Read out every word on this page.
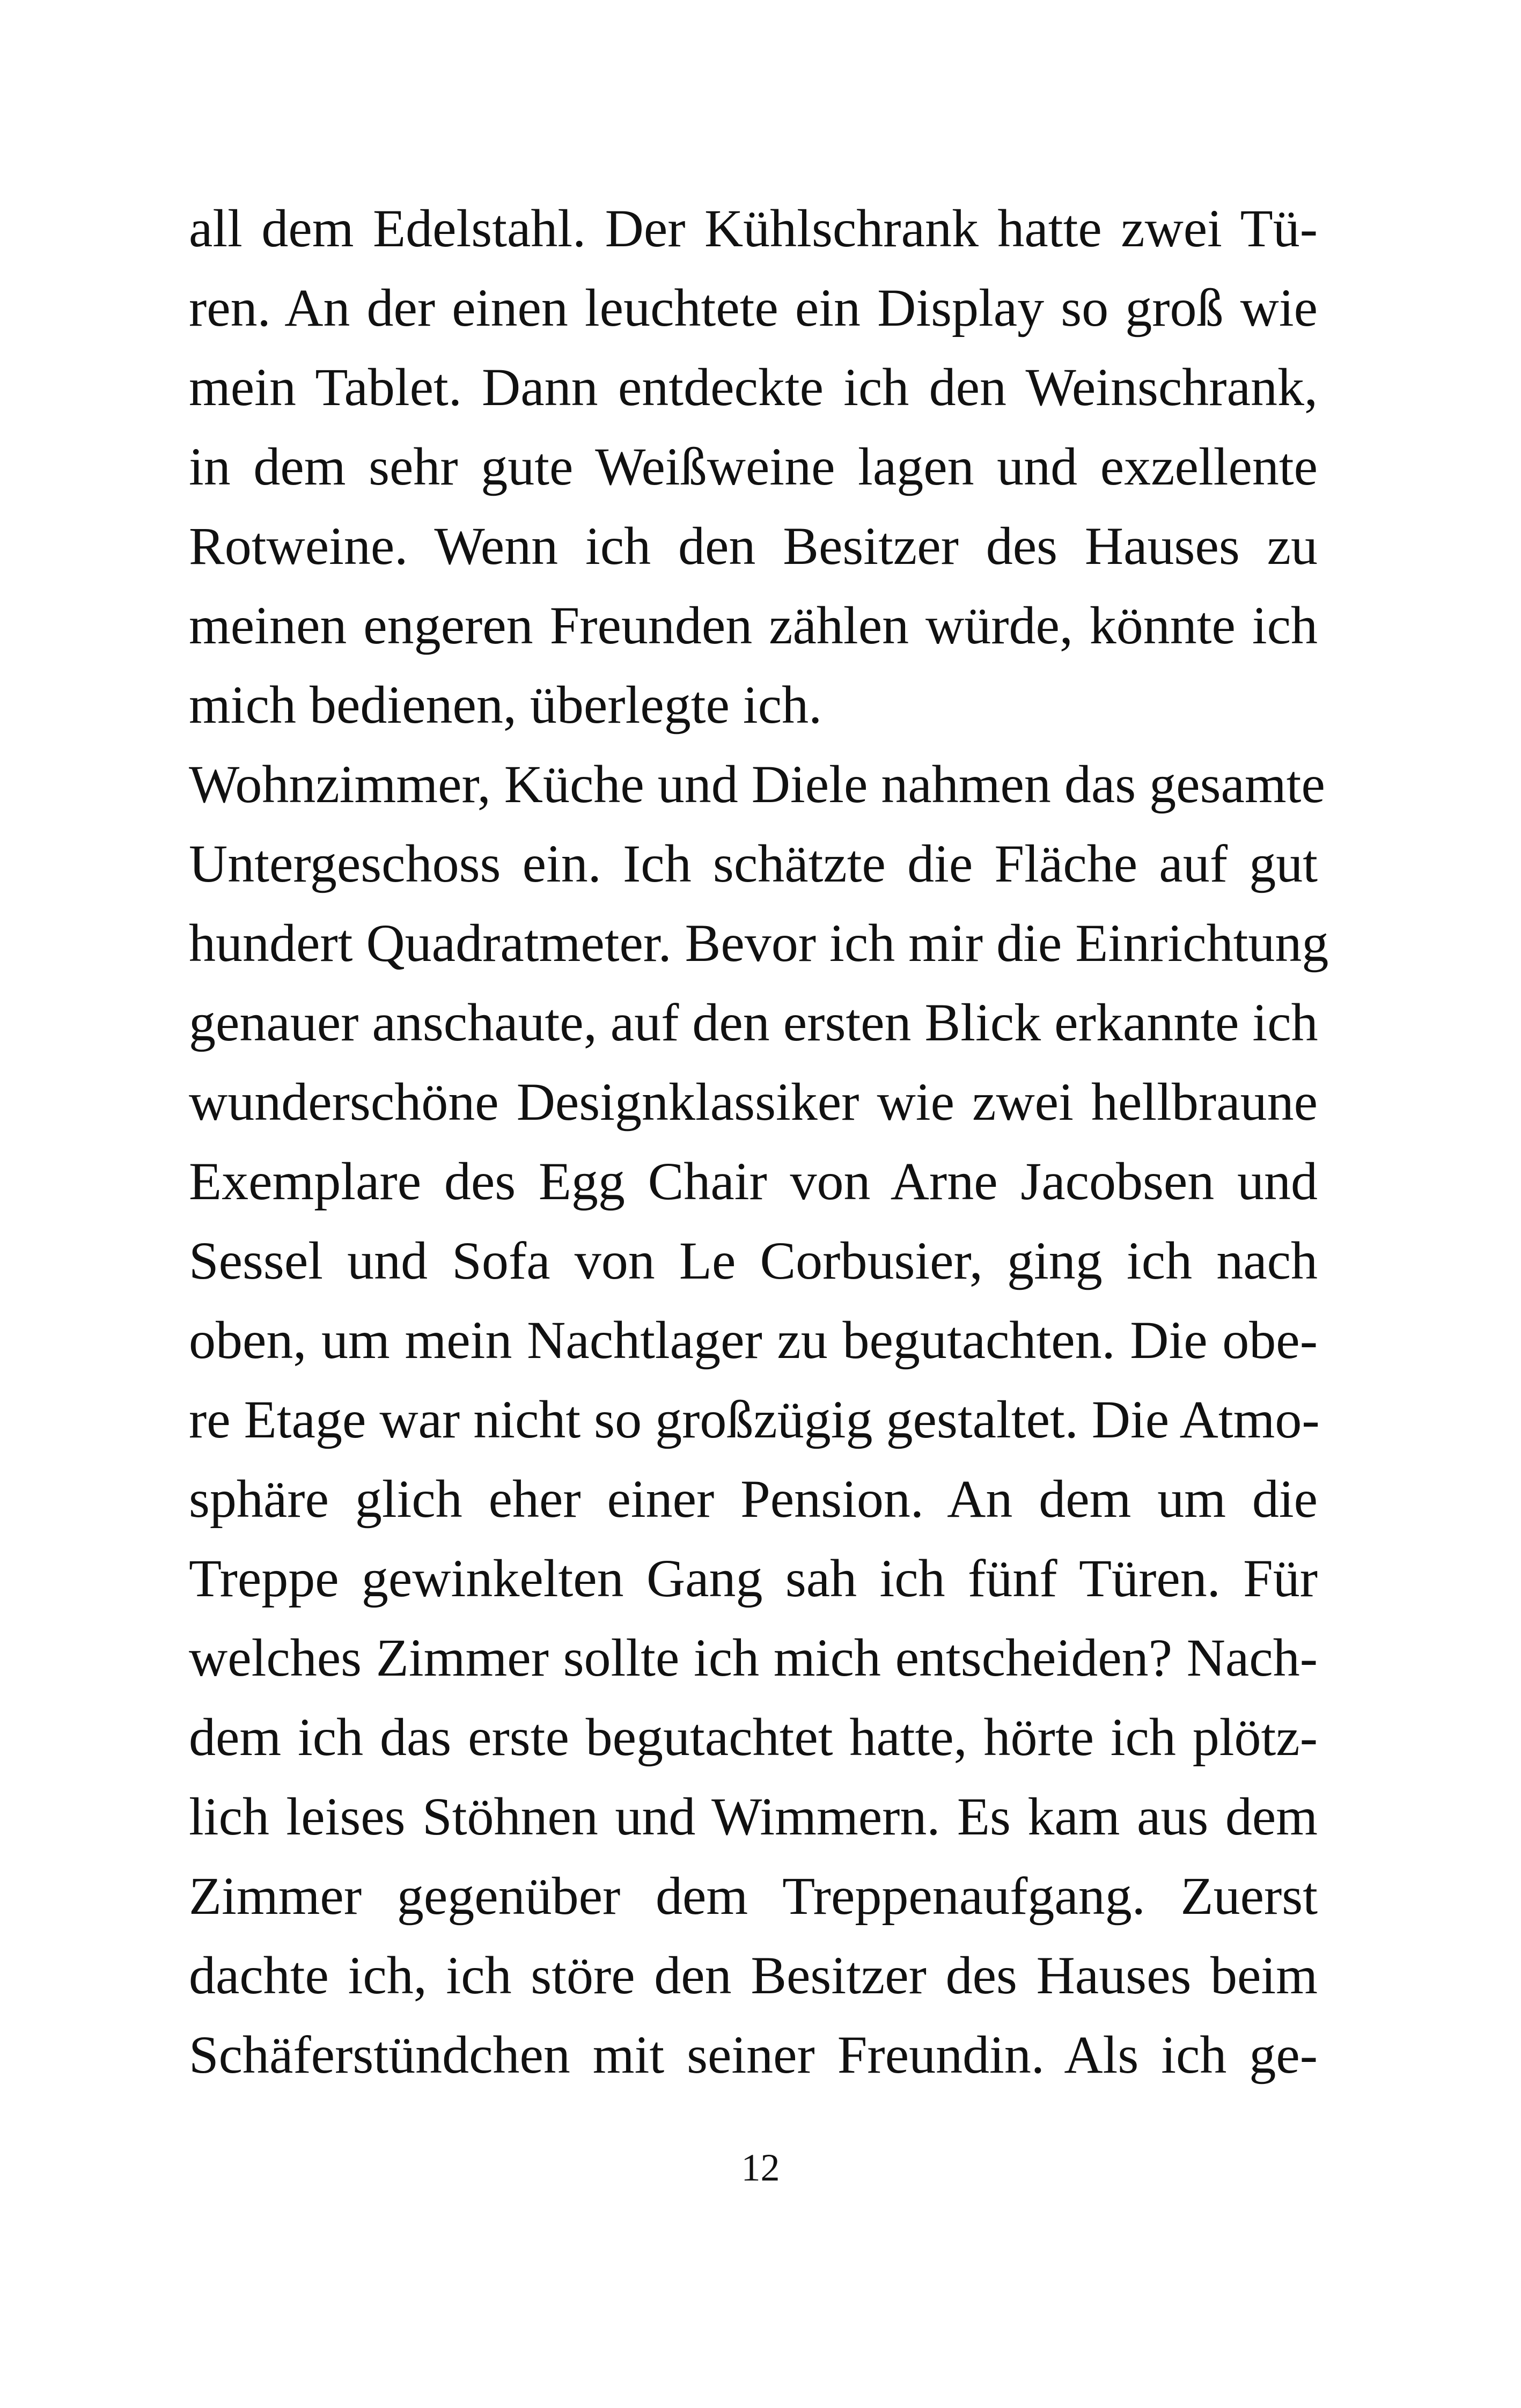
all dem Edelstahl. Der Kühlschrank hatte zwei Tü-
ren. An der einen leuchtete ein Display so groß wie
mein Tablet. Dann entdeckte ich den Weinschrank,
in dem sehr gute Weißweine lagen und exzellente
Rotweine. Wenn ich den Besitzer des Hauses zu
meinen engeren Freunden zählen würde, könnte ich
mich bedienen, überlegte ich.
Wohnzimmer, Küche und Diele nahmen das gesamte
Untergeschoss ein. Ich schätzte die Fläche auf gut
hundert Quadratmeter. Bevor ich mir die Einrichtung
genauer anschaute, auf den ersten Blick erkannte ich
wunderschöne Designklassiker wie zwei hellbraune
Exemplare des Egg Chair von Arne Jacobsen und
Sessel und Sofa von Le Corbusier, ging ich nach
oben, um mein Nachtlager zu begutachten. Die obe-
re Etage war nicht so großzügig gestaltet. Die Atmo-
sphäre glich eher einer Pension. An dem um die
Treppe gewinkelten Gang sah ich fünf Türen. Für
welches Zimmer sollte ich mich entscheiden? Nach-
dem ich das erste begutachtet hatte, hörte ich plötz-
lich leises Stöhnen und Wimmern. Es kam aus dem
Zimmer gegenüber dem Treppenaufgang. Zuerst
dachte ich, ich störe den Besitzer des Hauses beim
Schäferstündchen mit seiner Freundin. Als ich ge-
12
